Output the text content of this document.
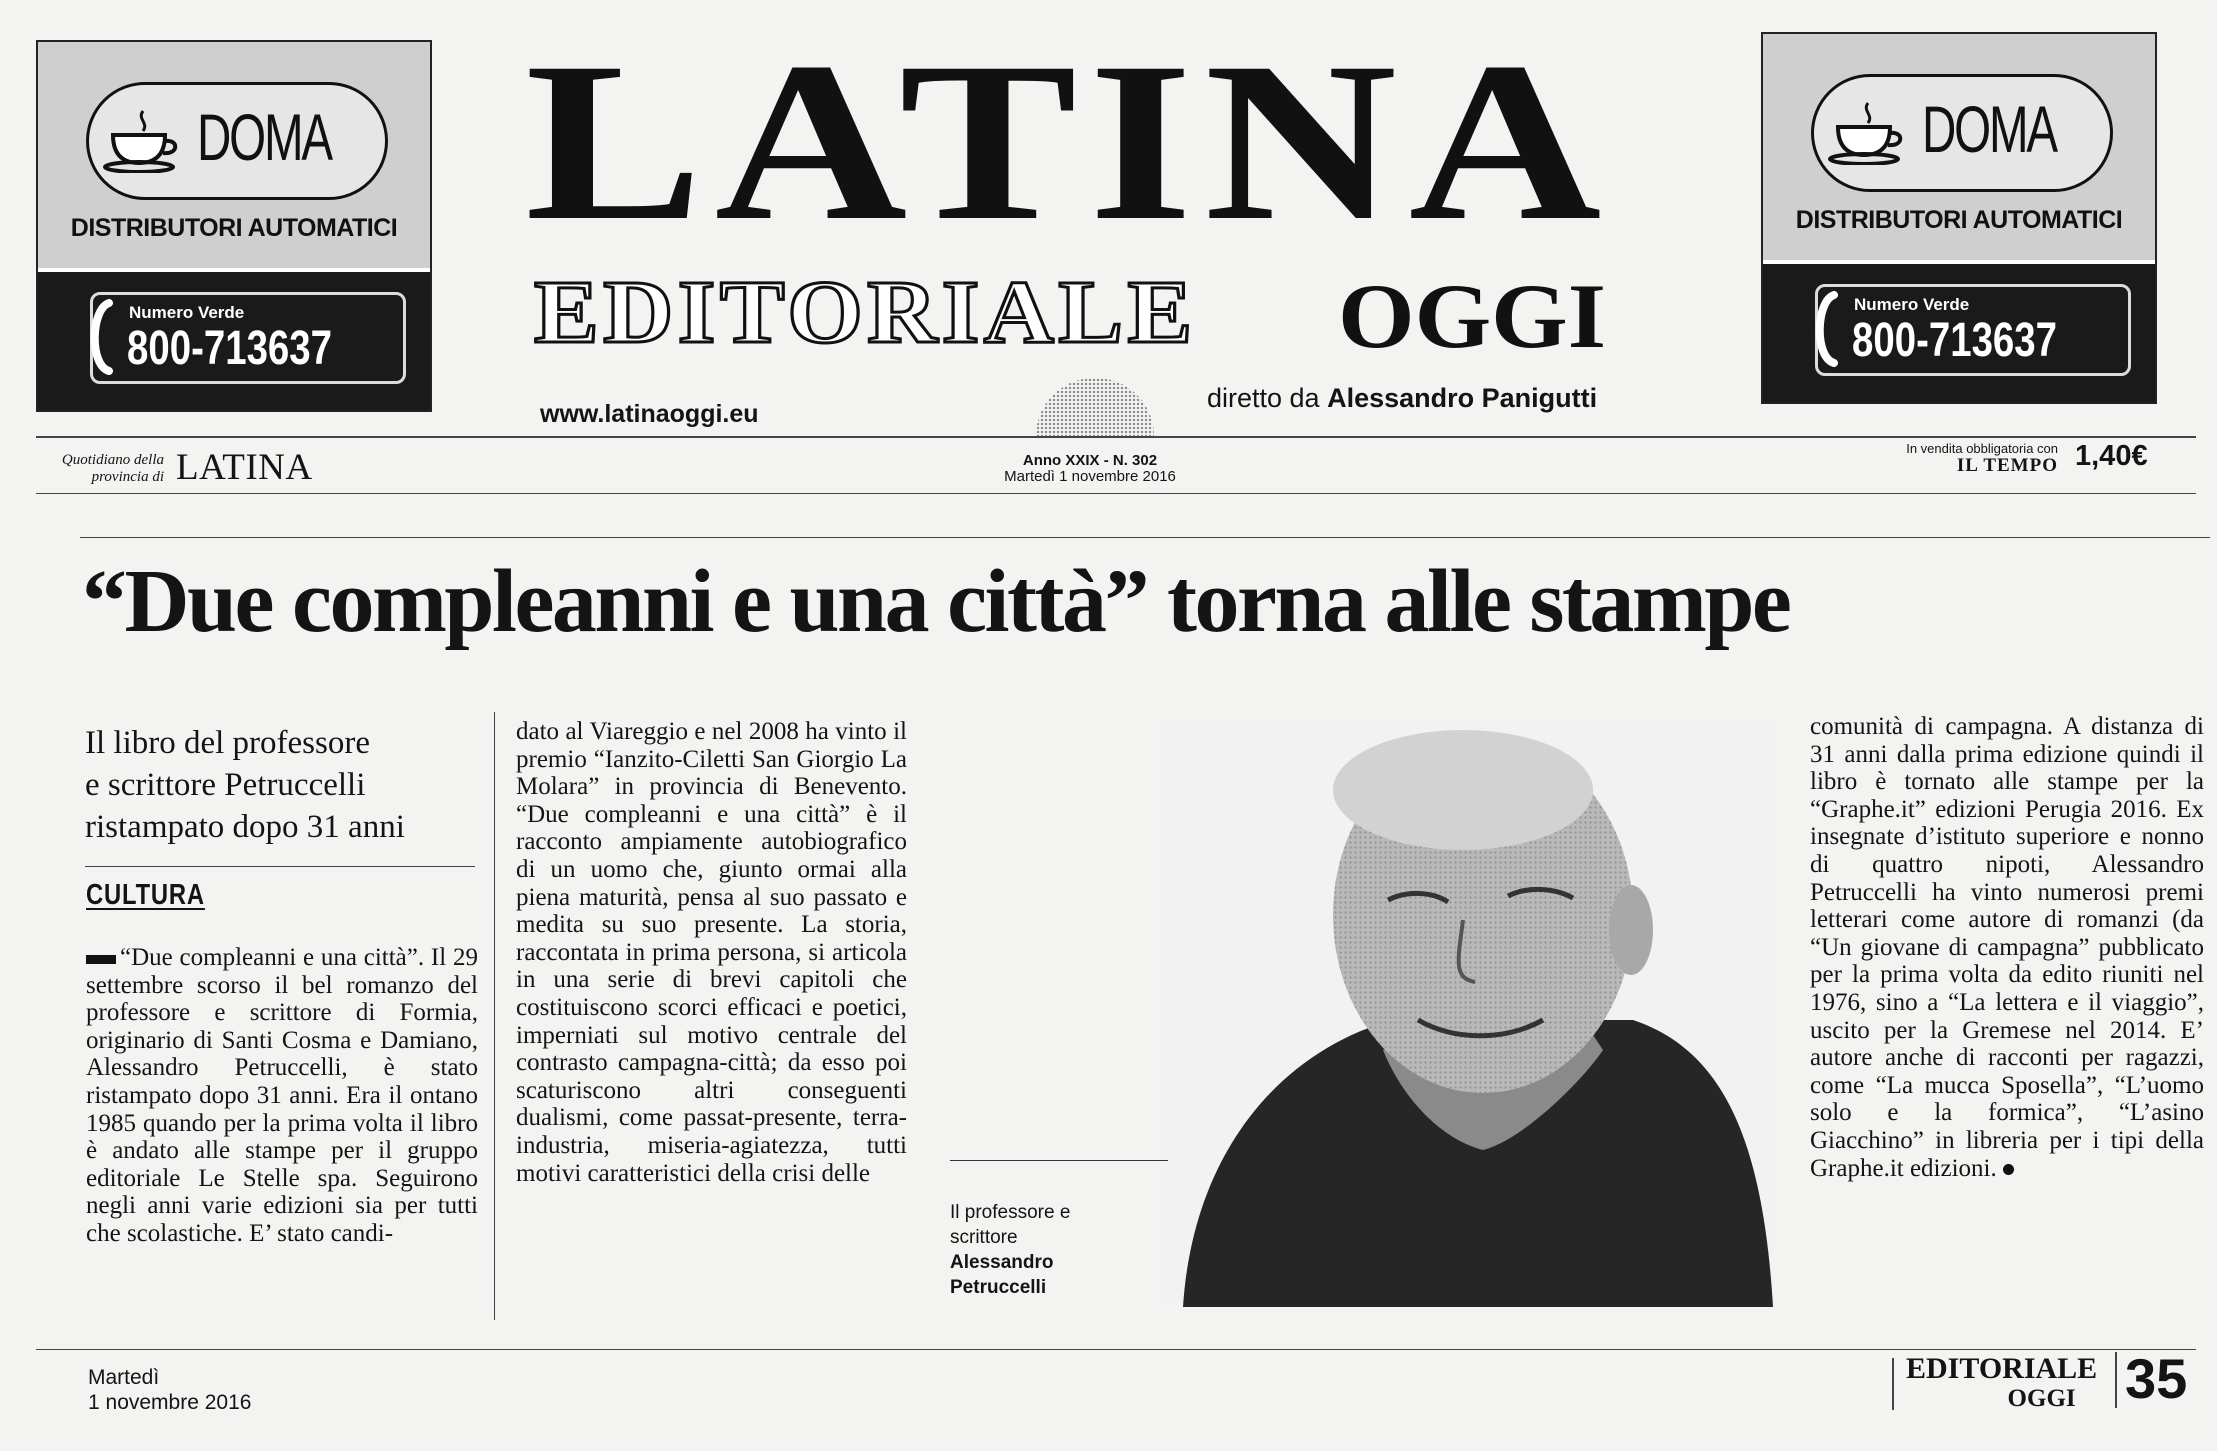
DOMA
DISTRIBUTORI AUTOMATICI
Numero Verde
800-713637
DOMA
DISTRIBUTORI AUTOMATICI
Numero Verde
800-713637
LATINA
EDITORIALE OGGI
www.latinaoggi.eu
diretto da Alessandro Panigutti
Quotidiano della
provincia di LATINA	Anno XXIX - N. 302
Martedì 1 novembre 2016
In vendita obbligatoria con
IL TEMPO 1,40€
“Due compleanni e una città” torna alle stampe
Il libro del professore
e scrittore Petruccelli
ristampato dopo 31 anni
CULTURA

“Due compleanni e una città”. Il 29 settembre scorso il bel romanzo del professore e scrittore di Formia, originario di Santi Cosma e Damiano, Alessandro Petruccelli, è stato ristampato dopo 31 anni. Era il ontano 1985 quando per la prima volta il libro è andato alle stampe per il gruppo editoriale Le Stelle spa. Seguirono negli anni varie edizioni sia per tutti che scolastiche. E’ stato candi-

dato al Viareggio e nel 2008 ha vinto il premio “Ianzito-Ciletti San Giorgio La Molara” in provincia di Benevento. “Due compleanni e una città” è il racconto ampiamente autobiografico di un uomo che, giunto ormai alla piena maturità, pensa al suo passato e medita su suo presente. La storia, raccontata in prima persona, si articola in una serie di brevi capitoli che costituiscono scorci efficaci e poetici, imperniati sul motivo centrale del contrasto campagna-città; da esso poi scaturiscono altri conseguenti dualismi, come passat-presente, terra-industria, miseria-agiatezza, tutti motivi caratteristici della crisi delle

Il professore e scrittore
Alessandro Petruccelli

comunità di campagna. A distanza di 31 anni dalla prima edizione quindi il libro è tornato alle stampe per la “Graphe.it” edizioni Perugia 2016. Ex insegnate d’istituto superiore e nonno di quattro nipoti, Alessandro Petruccelli ha vinto numerosi premi letterari come autore di romanzi (da “Un giovane di campagna” pubblicato per la prima volta da edito riuniti nel 1976, sino a “La lettera e il viaggio”, uscito per la Gremese nel 2014. E’ autore anche di racconti per ragazzi, come “La mucca Sposella”, “L’uomo solo e la formica”, “L’asino Giacchino” in libreria per i tipi della Graphe.it edizioni.

Martedì
1 novembre 2016
EDITORIALE
OGGI 35
